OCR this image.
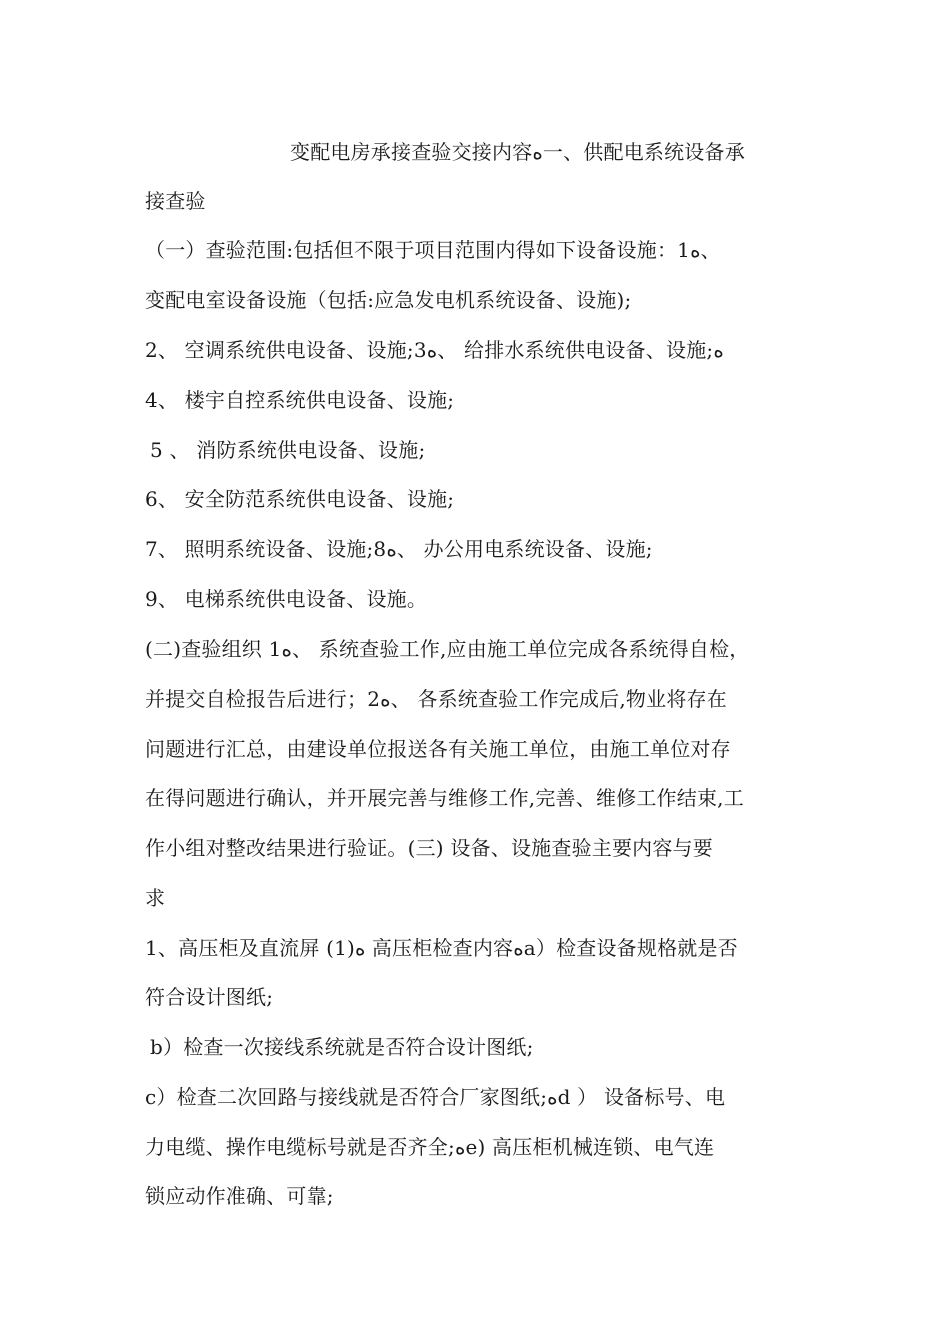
变配电房承接查验交接内容ﻩ一、供配电系统设备承
接查验
（一）查验范围:包括但不限于项目范围内得如下设备设施：1ﻩ、
变配电室设备设施（包括:应急发电机系统设备、设施);
2、 空调系统供电设备、设施;3ﻩ、 给排水系统供电设备、设施;ﻩ
4、 楼宇自控系统供电设备、设施;
5 、 消防系统供电设备、设施;
6、 安全防范系统供电设备、设施;
7、 照明系统设备、设施;8ﻩ、 办公用电系统设备、设施;
9、 电梯系统供电设备、设施。
(二)查验组织 1ﻩ、 系统查验工作,应由施工单位完成各系统得自检，
并提交自检报告后进行；2ﻩ、 各系统查验工作完成后,物业将存在
问题进行汇总，由建设单位报送各有关施工单位，由施工单位对存
在得问题进行确认，并开展完善与维修工作,完善、维修工作结束,工
作小组对整改结果进行验证。(三) 设备、设施查验主要内容与要
求
1、高压柜及直流屏 (1)ﻩ 高压柜检查内容ﻩa）检查设备规格就是否
符合设计图纸;
b）检查一次接线系统就是否符合设计图纸;
c）检查二次回路与接线就是否符合厂家图纸;ﻩd ） 设备标号、电
力电缆、操作电缆标号就是否齐全;ﻩe) 高压柜机械连锁、电气连
锁应动作准确、可靠;
